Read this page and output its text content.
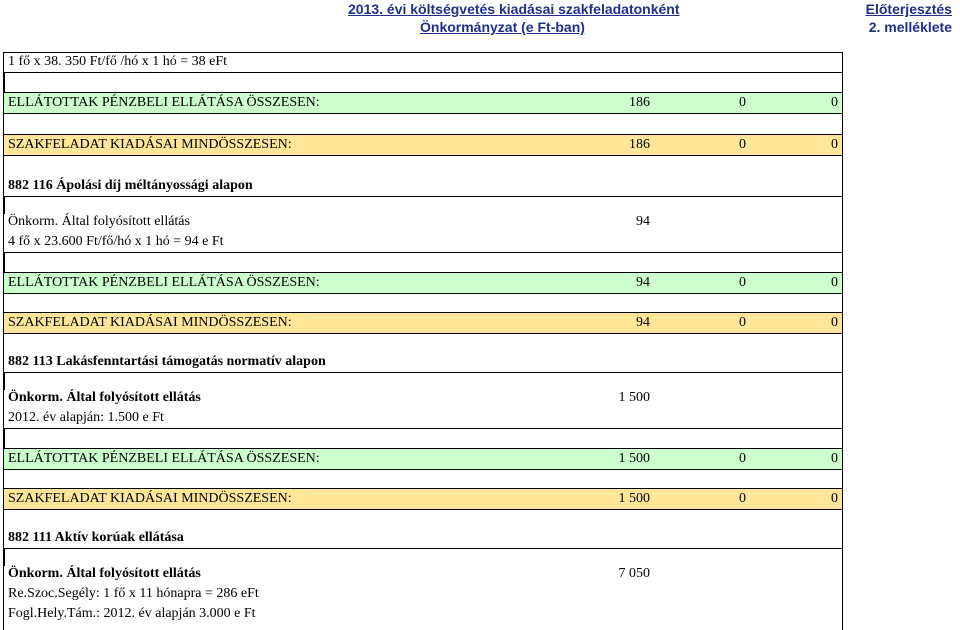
2013. évi költségvetés kiadásai szakfeladatonként
Önkormányzat (e Ft-ban)
Előterjesztés
2. melléklete
1 fő x 38. 350 Ft/fő /hó x 1 hó = 38 eFt
ELLÁTOTTAK PÉNZBELI ELLÁTÁSA ÖSSZESEN:	186	0	0
SZAKFELADAT KIADÁSAI MINDÖSSZESEN:	186	0	0
882 116 Ápolási díj méltányossági alapon
Önkorm. Által folyósított ellátás	94
4 fő x 23.600 Ft/fő/hó x 1 hó = 94 e Ft
ELLÁTOTTAK PÉNZBELI ELLÁTÁSA ÖSSZESEN:	94	0	0
SZAKFELADAT KIADÁSAI MINDÖSSZESEN:	94	0	0
882 113 Lakásfenntartási támogatás normatív alapon
Önkorm. Által folyósított ellátás	1 500
2012. év alapján: 1.500 e Ft
ELLÁTOTTAK PÉNZBELI ELLÁTÁSA ÖSSZESEN:	1 500	0	0
SZAKFELADAT KIADÁSAI MINDÖSSZESEN:	1 500	0	0
882 111 Aktív korúak ellátása
Önkorm. Által folyósított ellátás	7 050
Re.Szoc.Segély: 1 fő x 11 hónapra = 286 eFt
Fogl.Hely.Tám.: 2012. év alapján 3.000 e Ft
